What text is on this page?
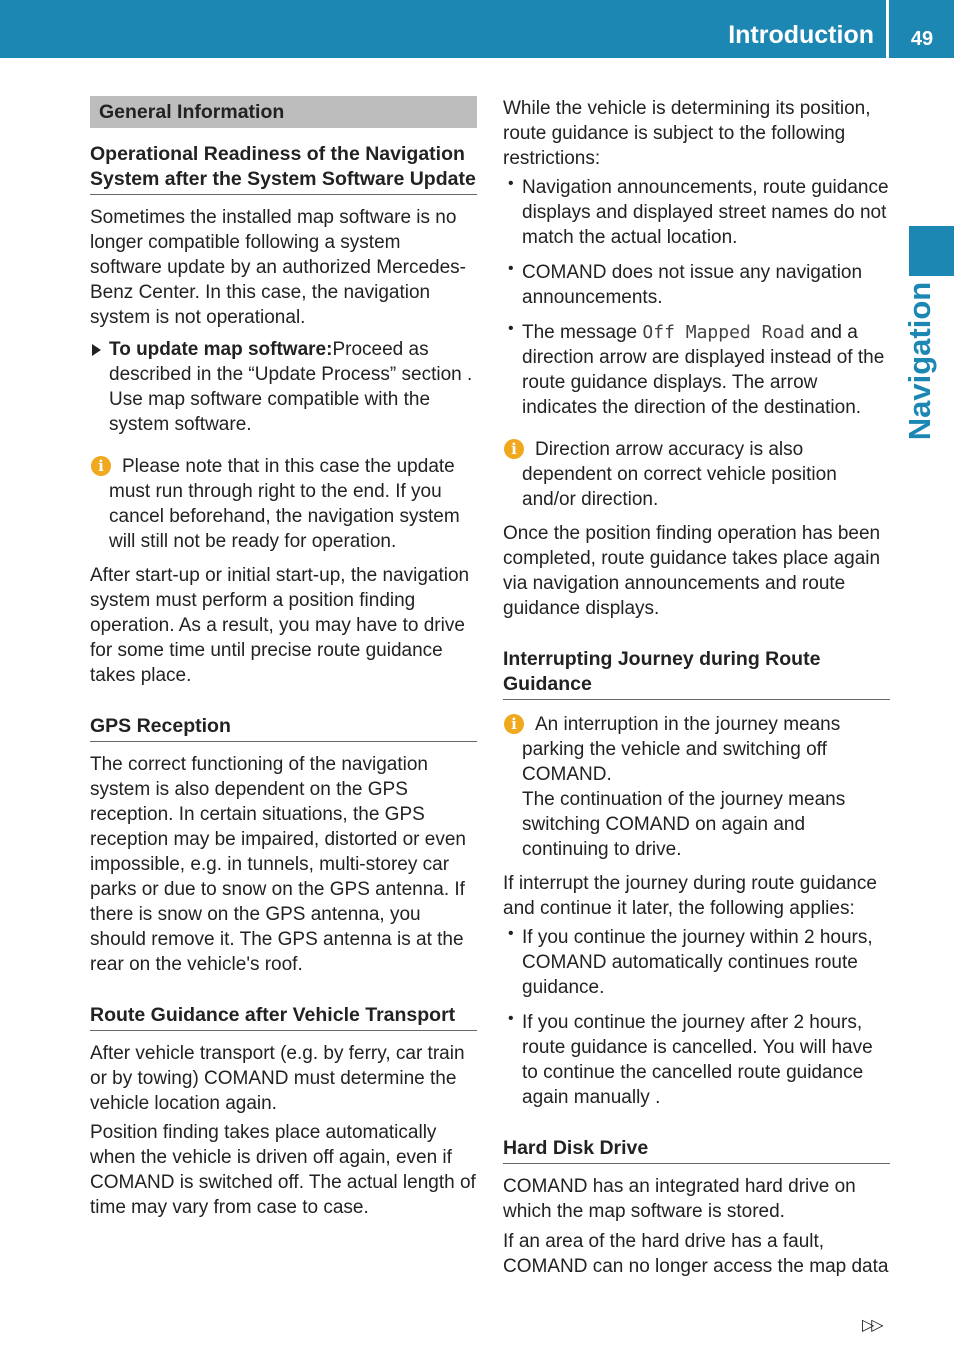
Introduction	49
Navigation
General Information
Operational Readiness of the Navigation System after the System Software Update

Sometimes the installed map software is no longer compatible following a system software update by an authorized Mercedes-Benz Center. In this case, the navigation system is not operational.

To update map software:Proceed as described in the “Update Process” section . Use map software compatible with the system software.

i Please note that in this case the update must run through right to the end. If you cancel beforehand, the navigation system will still not be ready for operation.

After start-up or initial start-up, the navigation system must perform a position finding operation. As a result, you may have to drive for some time until precise route guidance takes place.

GPS Reception

The correct functioning of the navigation system is also dependent on the GPS reception. In certain situations, the GPS reception may be impaired, distorted or even impossible, e.g. in tunnels, multi-storey car parks or due to snow on the GPS antenna. If there is snow on the GPS antenna, you should remove it. The GPS antenna is at the rear on the vehicle's roof.

Route Guidance after Vehicle Transport

After vehicle transport (e.g. by ferry, car train or by towing) COMAND must determine the vehicle location again.

Position finding takes place automatically when the vehicle is driven off again, even if COMAND is switched off. The actual length of time may vary from case to case.

While the vehicle is determining its position, route guidance is subject to the following restrictions:

• Navigation announcements, route guidance displays and displayed street names do not match the actual location.

• COMAND does not issue any navigation announcements.

• The message Off Mapped Road and a direction arrow are displayed instead of the route guidance displays. The arrow indicates the direction of the destination.

i Direction arrow accuracy is also dependent on correct vehicle position and/or direction.

Once the position finding operation has been completed, route guidance takes place again via navigation announcements and route guidance displays.

Interrupting Journey during Route Guidance
i An interruption in the journey means parking the vehicle and switching off COMAND.

The continuation of the journey means switching COMAND on again and continuing to drive.

If interrupt the journey during route guidance and continue it later, the following applies:

• If you continue the journey within 2 hours, COMAND automatically continues route guidance.

• If you continue the journey after 2 hours, route guidance is cancelled. You will have to continue the cancelled route guidance again manually .

Hard Disk Drive

COMAND has an integrated hard drive on which the map software is stored.

If an area of the hard drive has a fault, COMAND can no longer access the map data

▷▷
